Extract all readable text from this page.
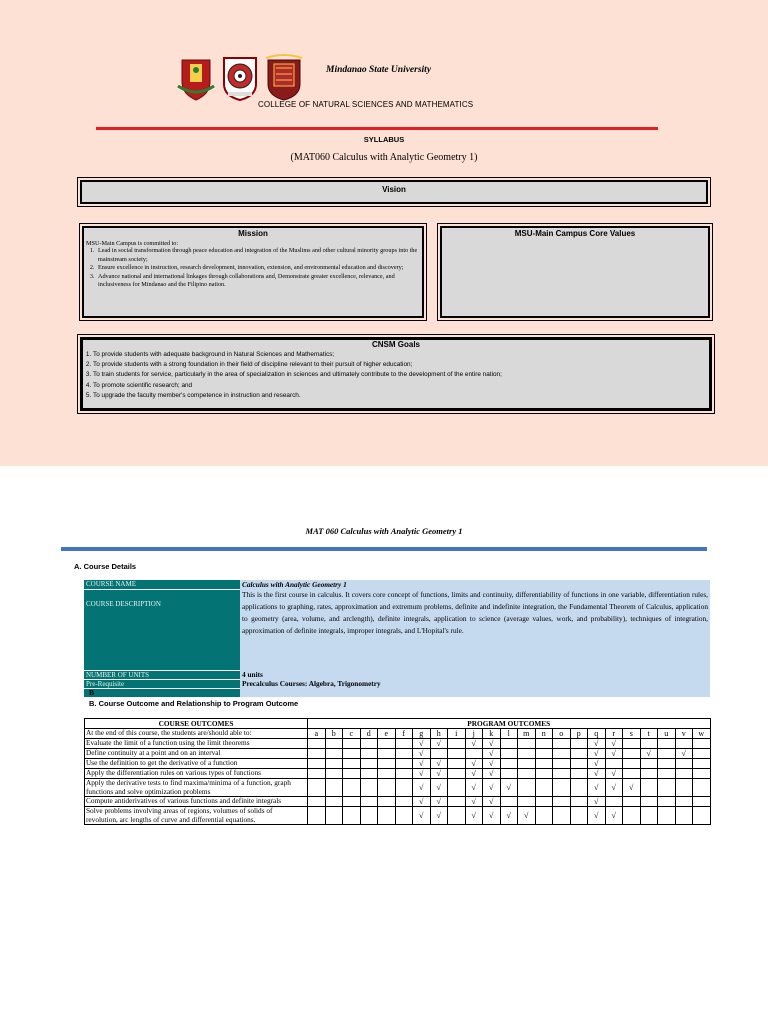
Mindanao State University
COLLEGE OF NATURAL SCIENCES AND MATHEMATICS
SYLLABUS
(MAT060 Calculus with Analytic Geometry 1)
Vision
Mission
MSU-Main Campus is committed to:
1. Lead in social transformation through peace education and integration of the Muslims and other cultural minority groups into the mainstream society;
2. Ensure excellence in instruction, research development, innovation, extension, and environmental education and discovery;
3. Advance national and international linkages through collaborations and, Demonstrate greater excellence, relevance, and inclusiveness for Mindanao and the Filipino nation.
MSU-Main Campus Core Values
CNSM Goals
1. To provide students with adequate background in Natural Sciences and Mathematics;
2. To provide students with a strong foundation in their field of discipline relevant to their pursuit of higher education;
3. To train students for service, particularly in the area of specialization in sciences and ultimately contribute to the development of the entire nation;
4. To promote scientific research; and
5. To upgrade the faculty member's competence in instruction and research.
MAT 060 Calculus with Analytic Geometry 1
A. Course Details
COURSE NAME	Calculus with Analytic Geometry 1
COURSE DESCRIPTION	This is the first course in calculus. It covers core concept of functions, limits and continuity, differentiability of functions in one variable, differentiation rules, applications to graphing, rates, approximation and extremum problems, definite and indefinite integration, the Fundamental Theorem of Calculus, application to geometry (area, volume, and arclength), definite integrals, application to science (average values, work, and probability), techniques of integration, approximation of definite integrals, improper integrals, and L'Hopital's rule.
NUMBER OF UNITS	4 units
Pre-Requisite	Precalculus Courses: Algebra, Trigonometry

B
B. Course Outcome and Relationship to Program Outcome
COURSE OUTCOMES	PROGRAM OUTCOMES																						
At the end of this course, the students are/should able to:	a	b	c	d	e	f	g	h	i	j	k	l	m	n	o	p	q	r	s	t	u	v	w
Evaluate the limit of a function using the limit theorems							√	√		√	√						√	√					
Define continuity at a point and on an interval							√				√						√	√		√		√	
Use the definition to get the derivative of a function							√	√		√	√						√						
Apply the differentiation rules on various types of functions							√	√		√	√						√	√					
Apply the derivative tests to find maxima/minima of a function, graph functions and solve optimization problems							√	√		√	√	√					√	√	√				
Compute antiderivatives of various functions and definite integrals							√	√		√	√						√						
Solve problems involving areas of regions, volumes of solids of revolution, arc lengths of curve and differential equations.							√	√		√	√	√	√				√	√					
